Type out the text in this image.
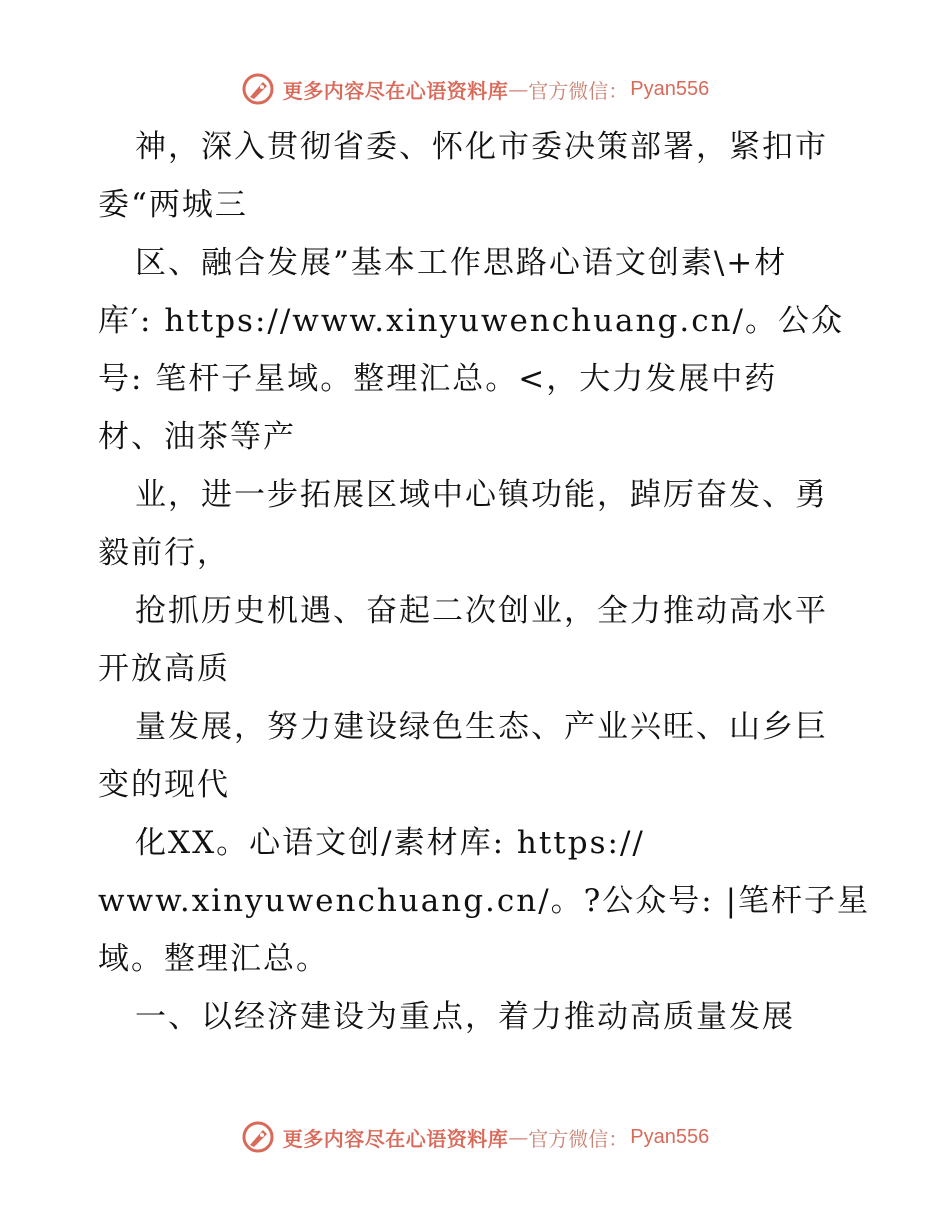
更多内容尽在心语资料库—官方微信： Pyan556
神，深入贯彻省委、怀化市委决策部署，紧扣市
委“两城三
区、融合发展”基本工作思路心语文创素\+材
库′: https://www.xinyuwenchuang.cn/。公众
号: 笔杆子星域。整理汇总。<，大力发展中药
材、油茶等产
业，进一步拓展区域中心镇功能，踔厉奋发、勇
毅前行，
抢抓历史机遇、奋起二次创业，全力推动高水平
开放高质
量发展，努力建设绿色生态、产业兴旺、山乡巨
变的现代
化XX。心语文创/素材库: https://
www.xinyuwenchuang.cn/。?公众号: |笔杆子星
域。整理汇总。
一、以经济建设为重点，着力推动高质量发展
更多内容尽在心语资料库—官方微信： Pyan556
